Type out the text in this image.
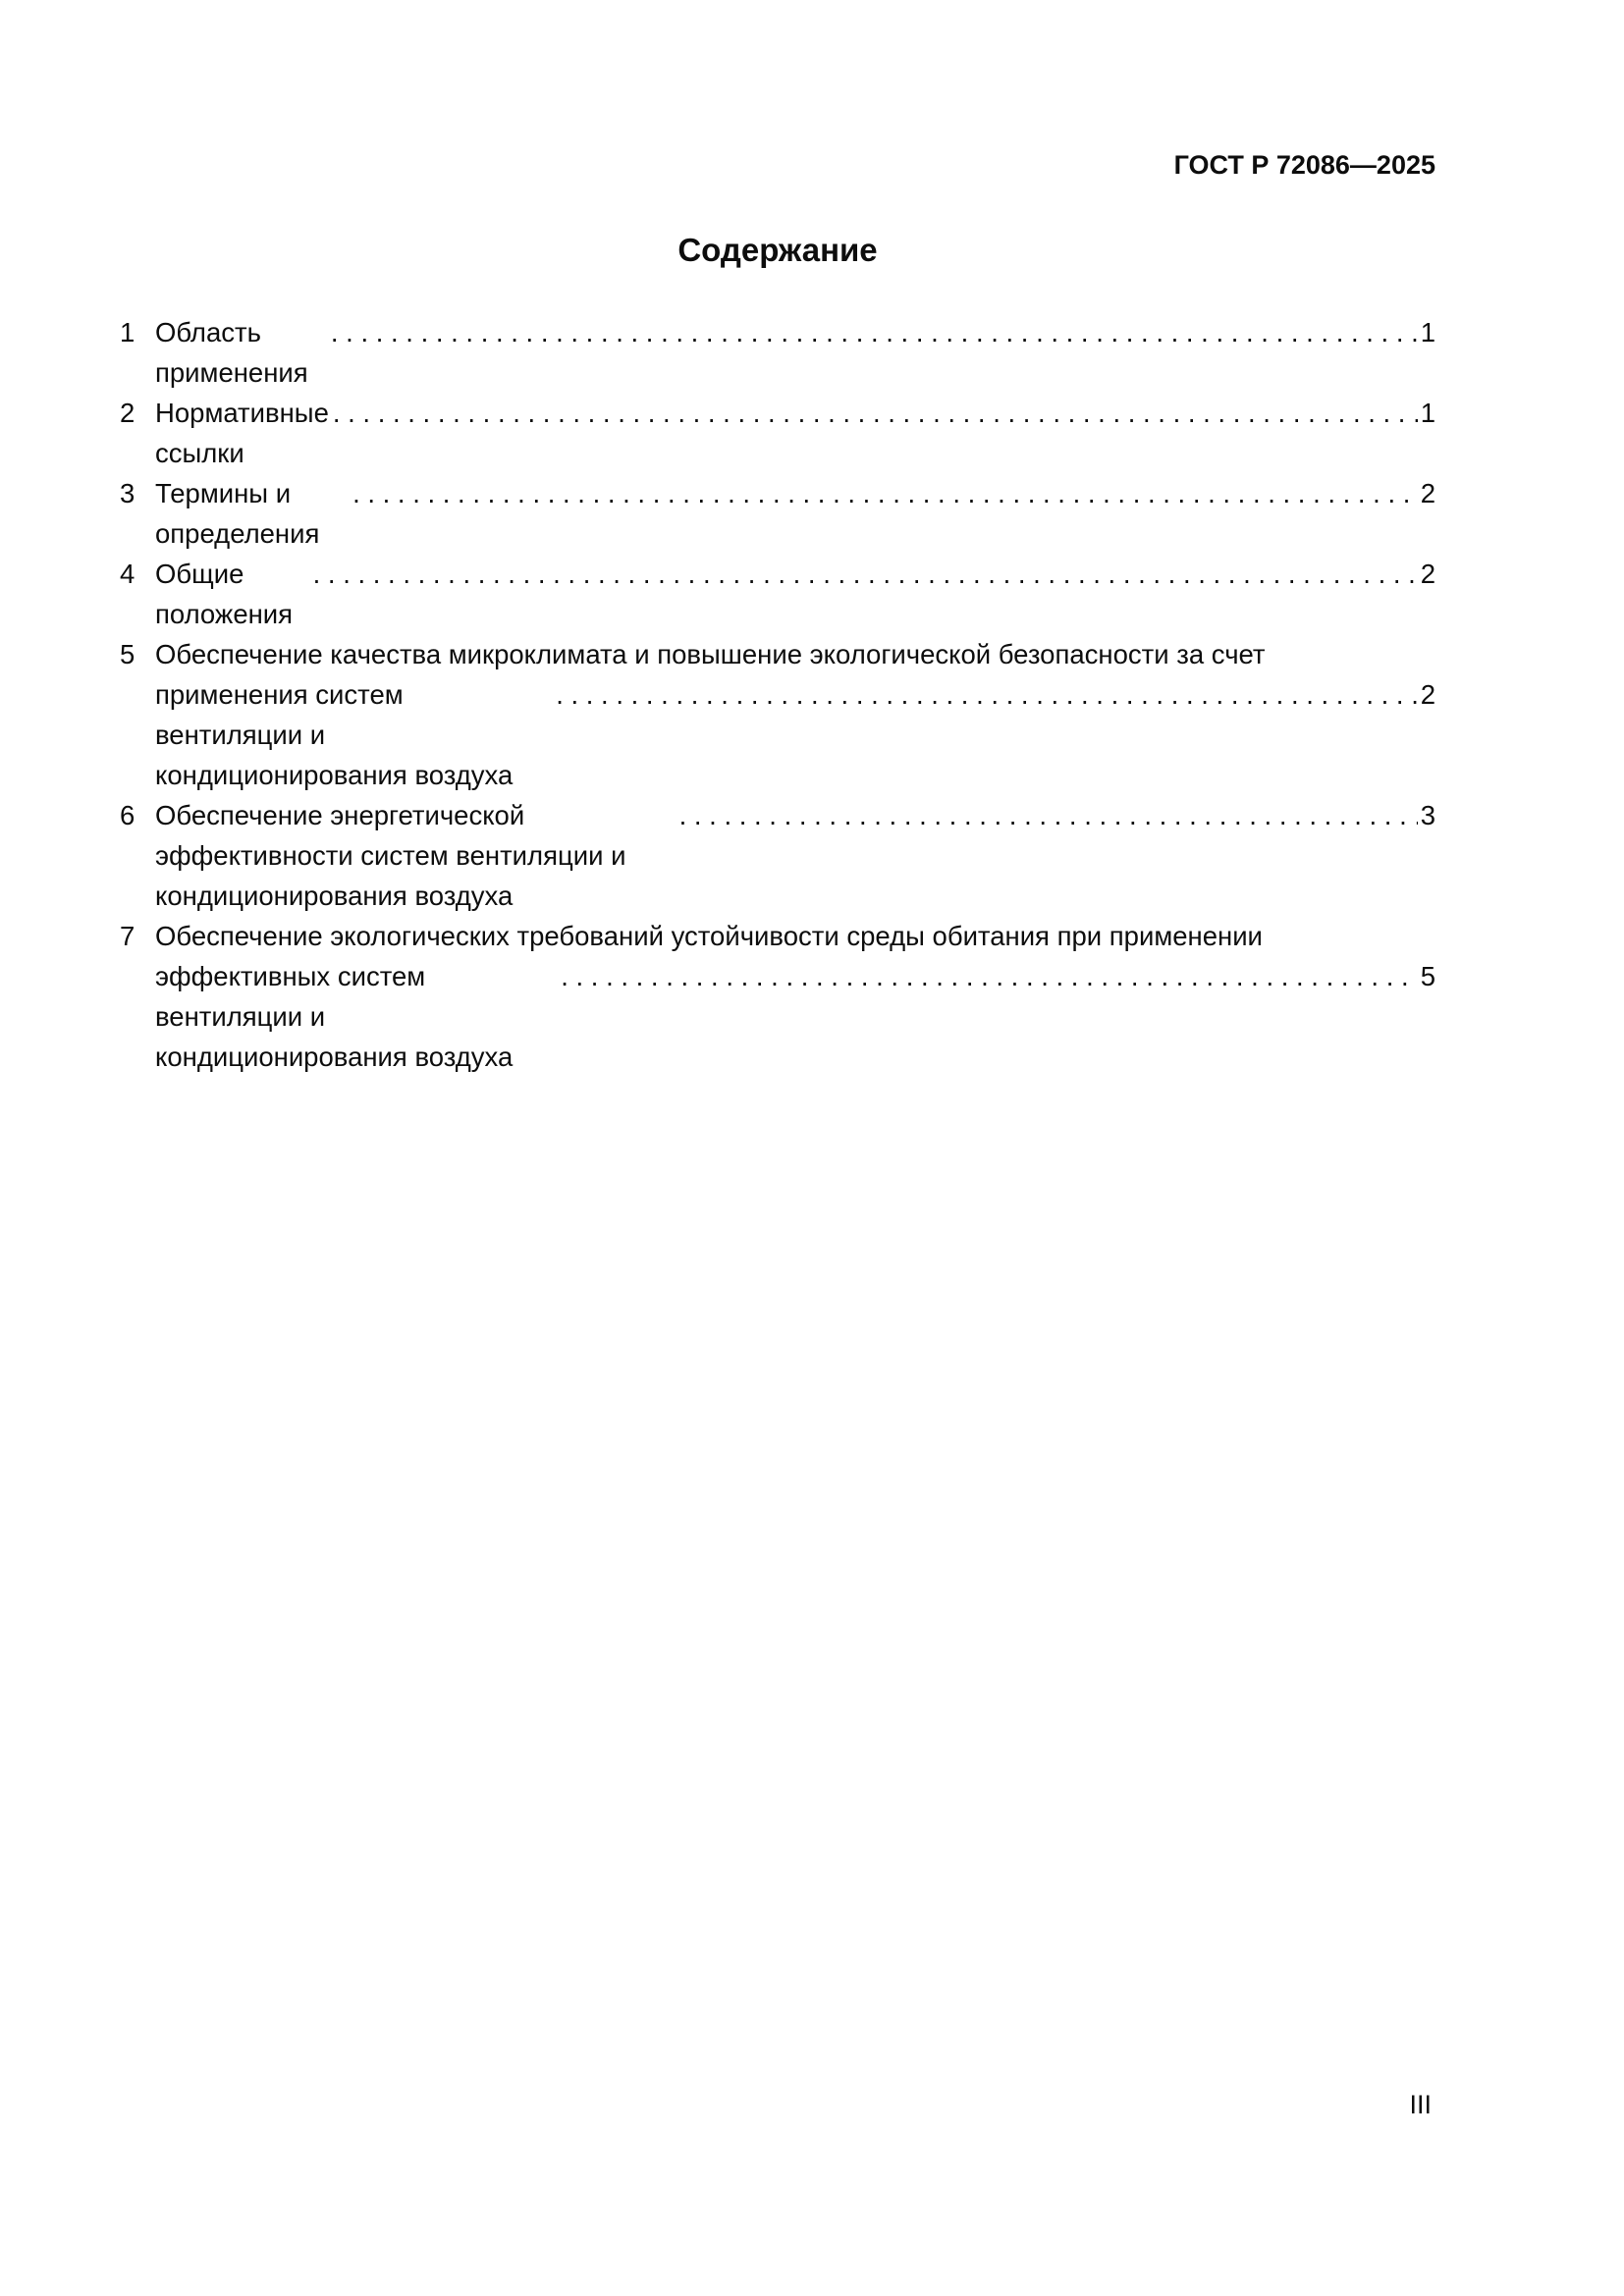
ГОСТ Р 72086—2025
Содержание
1 Область применения
. . .
1
2 Нормативные ссылки
. . .
1
3 Термины и определения
. . .
2
4 Общие положения
. . .
2
5 Обеспечение качества микроклимата и повышение экологической безопасности за счет
применения систем вентиляции и кондиционирования воздуха
. . .
2
6 Обеспечение энергетической эффективности систем вентиляции и кондиционирования воздуха
. . .
3
7 Обеспечение экологических требований устойчивости среды обитания при применении
эффективных систем вентиляции и кондиционирования воздуха
. . .
5
III
